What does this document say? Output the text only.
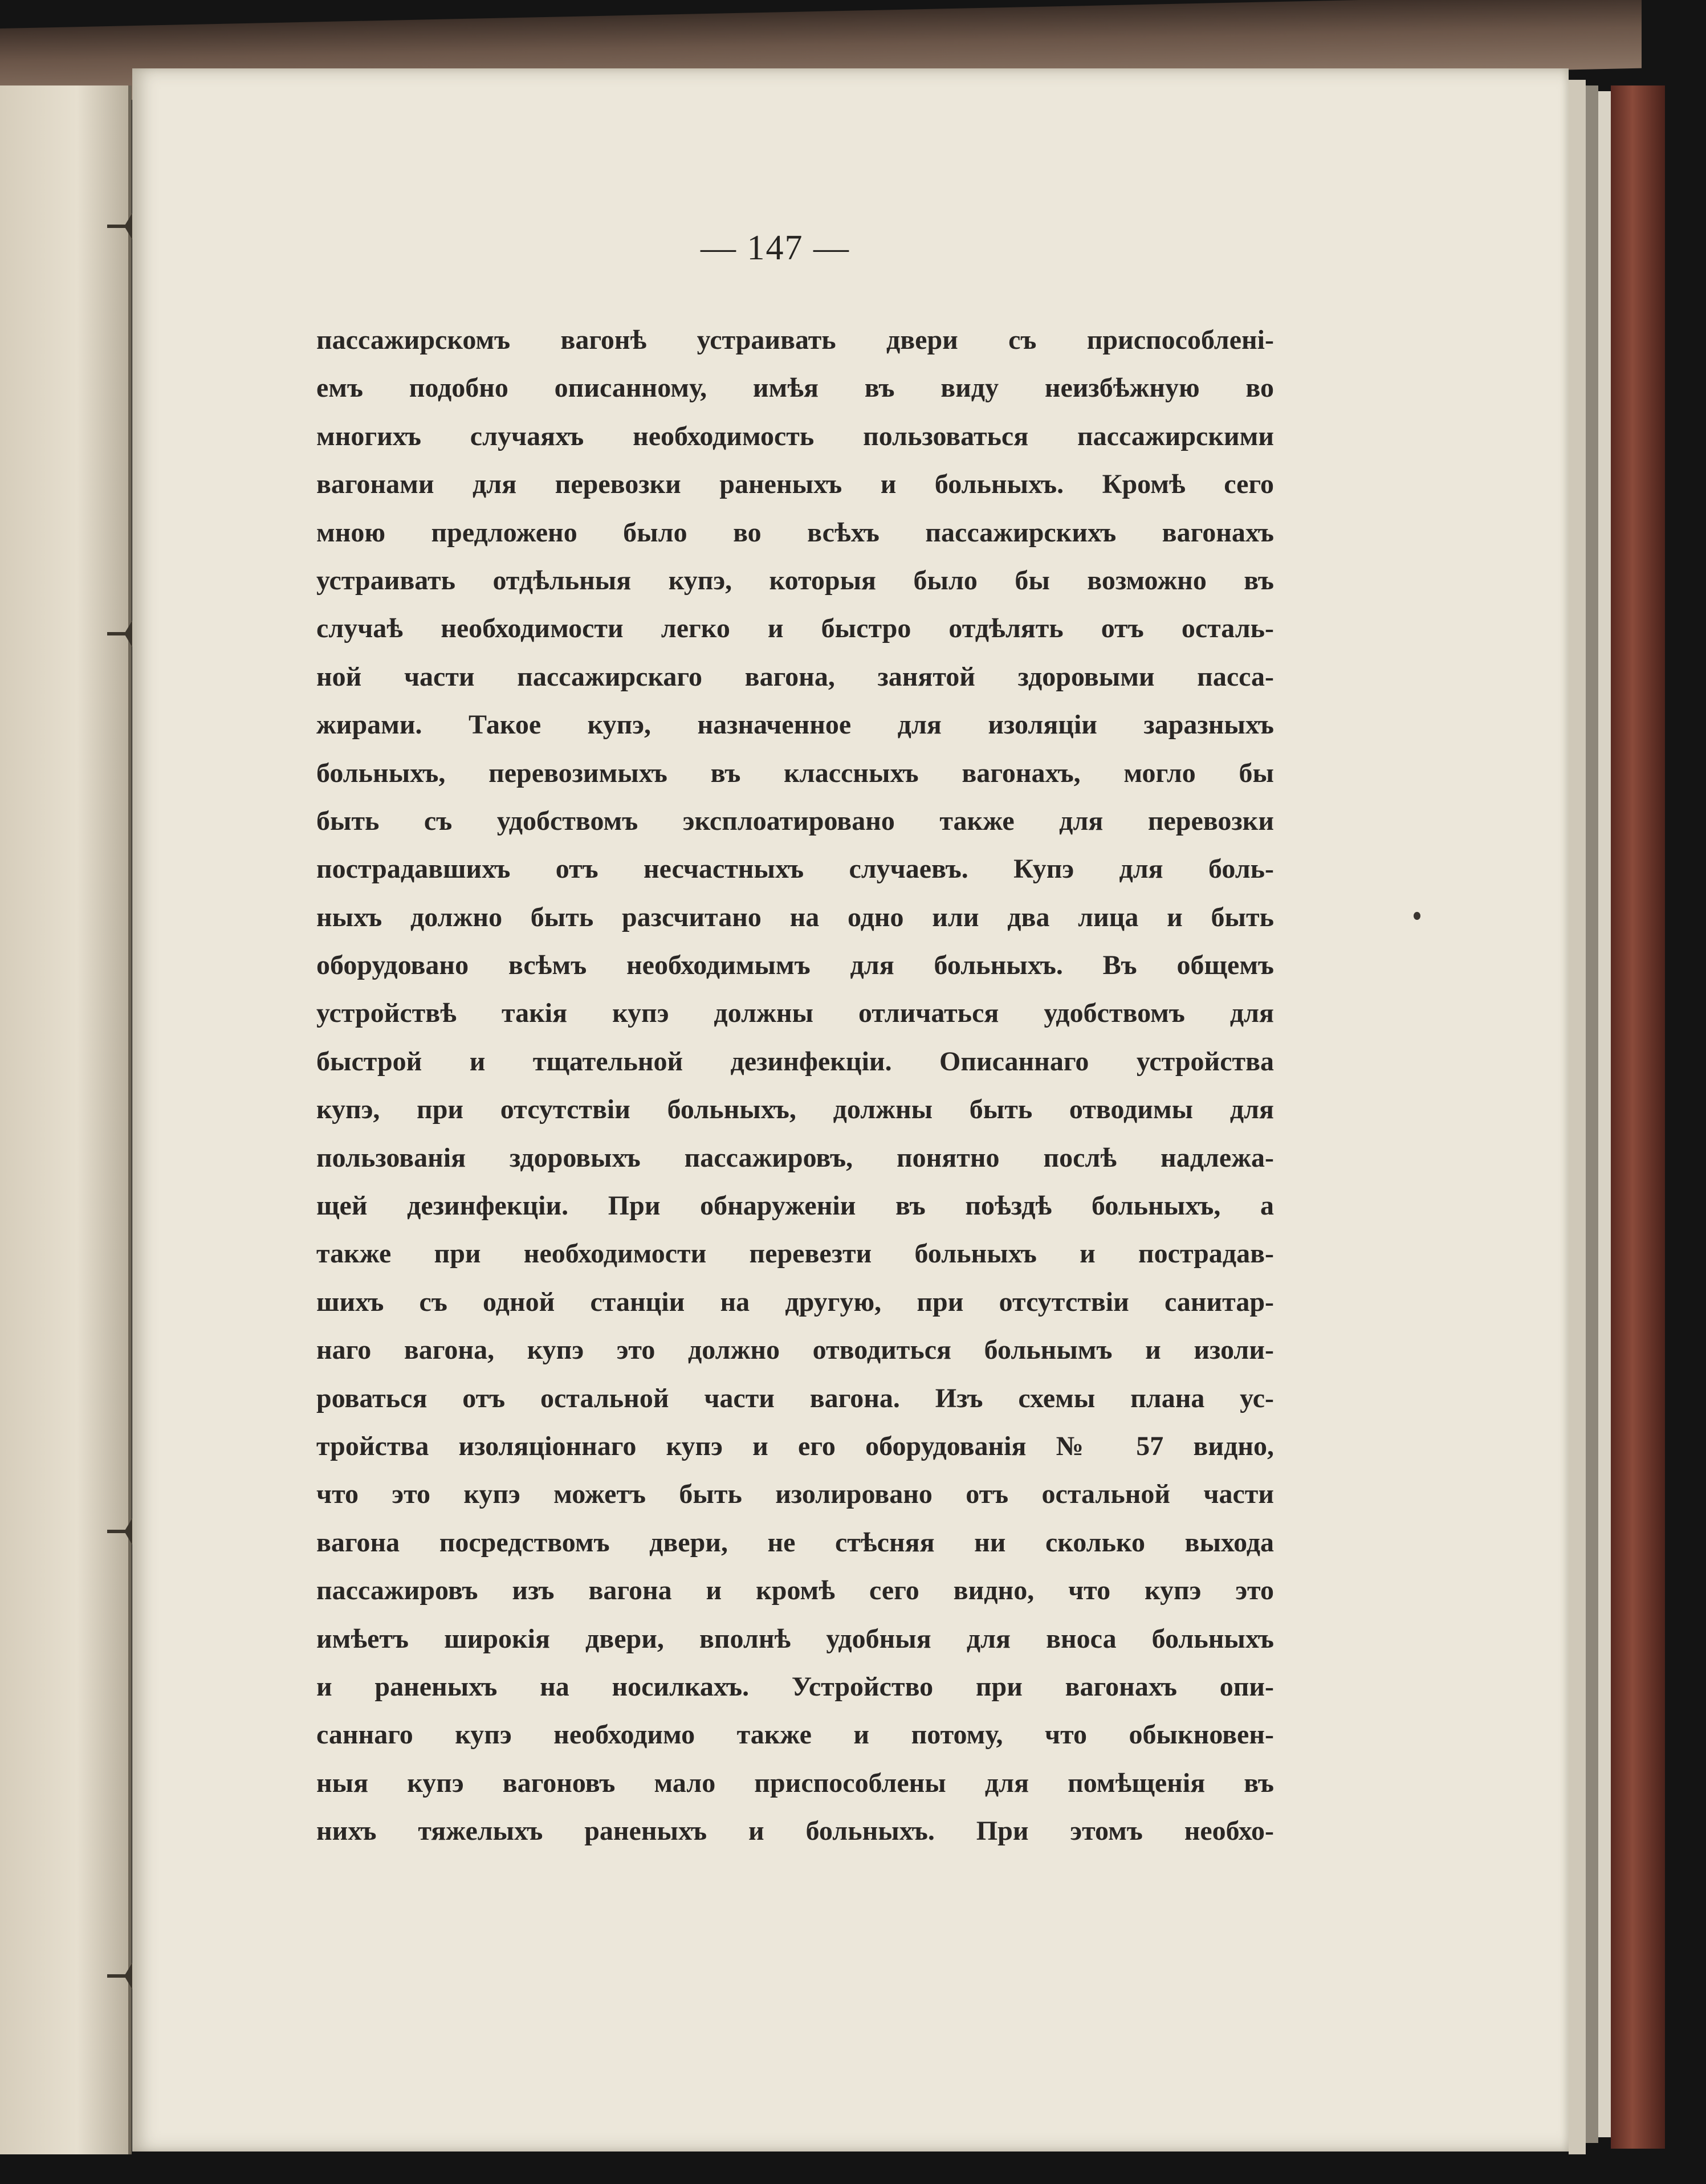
— 147 —
пассажирскомъ вагонѣ устраивать двери съ приспособлені-
емъ подобно описанному, имѣя въ виду неизбѣжную во
многихъ случаяхъ необходимость пользоваться пассажирскими
вагонами для перевозки раненыхъ и больныхъ. Кромѣ сего
мною предложено было во всѣхъ пассажирскихъ вагонахъ
устраивать отдѣльныя купэ, которыя было бы возможно въ
случаѣ необходимости легко и быстро отдѣлять отъ осталь-
ной части пассажирскаго вагона, занятой здоровыми пасса-
жирами. Такое купэ, назначенное для изоляціи заразныхъ
больныхъ, перевозимыхъ въ классныхъ вагонахъ, могло бы
быть съ удобствомъ эксплоатировано также для перевозки
пострадавшихъ отъ несчастныхъ случаевъ. Купэ для боль-
ныхъ должно быть разсчитано на одно или два лица и быть
оборудовано всѣмъ необходимымъ для больныхъ. Въ общемъ
устройствѣ такія купэ должны отличаться удобствомъ для
быстрой и тщательной дезинфекціи. Описаннаго устройства
купэ, при отсутствіи больныхъ, должны быть отводимы для
пользованія здоровыхъ пассажировъ, понятно послѣ надлежа-
щей дезинфекціи. При обнаруженіи въ поѣздѣ больныхъ, а
также при необходимости перевезти больныхъ и пострадав-
шихъ съ одной станціи на другую, при отсутствіи санитар-
наго вагона, купэ это должно отводиться больнымъ и изоли-
роваться отъ остальной части вагона. Изъ схемы плана ус-
тройства изоляціоннаго купэ и его оборудованія № 57 видно,
что это купэ можетъ быть изолировано отъ остальной части
вагона посредствомъ двери, не стѣсняя ни сколько выхода
пассажировъ изъ вагона и кромѣ сего видно, что купэ это
имѣетъ широкія двери, вполнѣ удобныя для вноса больныхъ
и раненыхъ на носилкахъ. Устройство при вагонахъ опи-
саннаго купэ необходимо также и потому, что обыкновен-
ныя купэ вагоновъ мало приспособлены для помѣщенія въ
нихъ тяжелыхъ раненыхъ и больныхъ. При этомъ необхо-
